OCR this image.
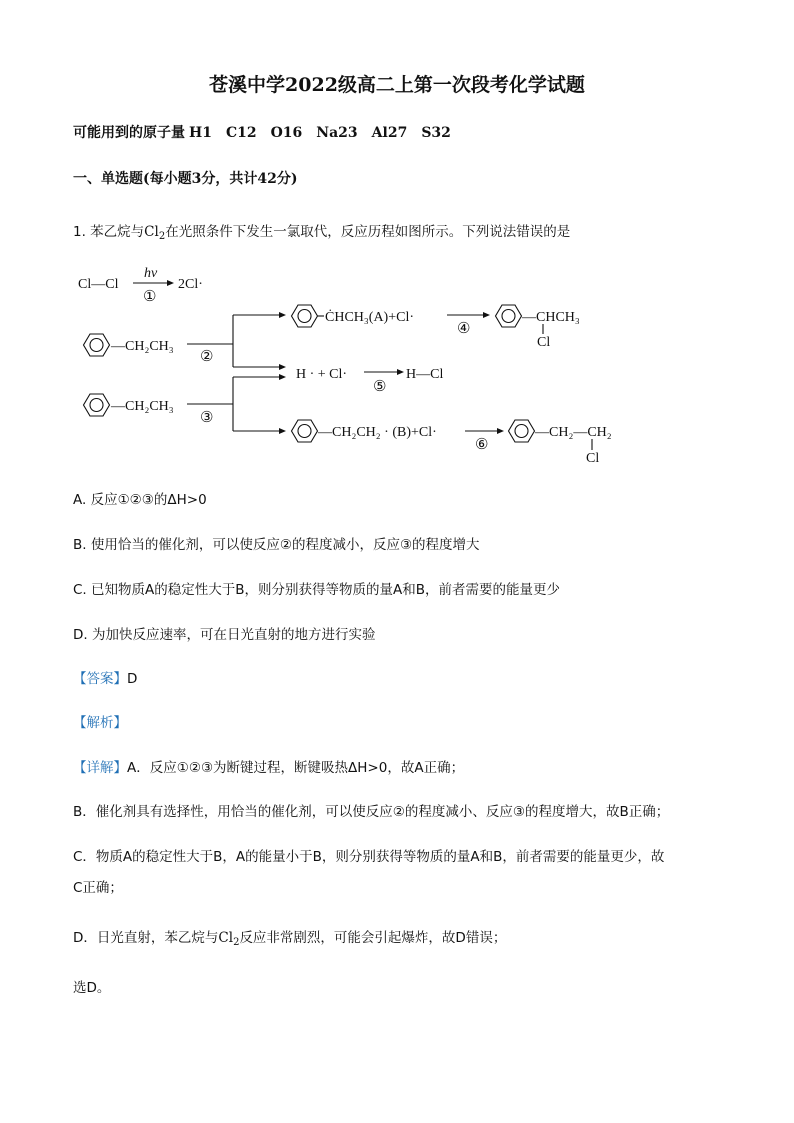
苍溪中学2022级高二上第一次段考化学试题
可能用到的原子量 H1 C12 O16 Na23 Al27 S32
一、单选题(每小题3分，共计42分)
1. 苯乙烷与$Cl_2$在光照条件下发生一氯取代，反应历程如图所示。下列说法错误的是
Cl—Cl
hv
①
2Cl·
—CH₂CH₃
②
ĊHCH₃(A)+Cl·
④
—CHCH₃
Cl
H · + Cl·
⑤
H—Cl
—CH₂CH₃
③
—CH₂CH₂ · (B)+Cl·
⑥
—CH₂—CH₂
Cl
A. 反应①②③的ΔH>0
B. 使用恰当的催化剂，可以使反应②的程度减小，反应③的程度增大
C. 已知物质A的稳定性大于B，则分别获得等物质的量A和B，前者需要的能量更少
D. 为加快反应速率，可在日光直射的地方进行实验
【答案】D
【解析】
【详解】A．反应①②③为断键过程，断键吸热ΔH>0，故A正确；
B．催化剂具有选择性，用恰当的催化剂，可以使反应②的程度减小、反应③的程度增大，故B正确；
C．物质A的稳定性大于B，A的能量小于B，则分别获得等物质的量A和B，前者需要的能量更少，故
C正确；
D．日光直射，苯乙烷与$Cl_2$反应非常剧烈，可能会引起爆炸，故D错误；
选D。
